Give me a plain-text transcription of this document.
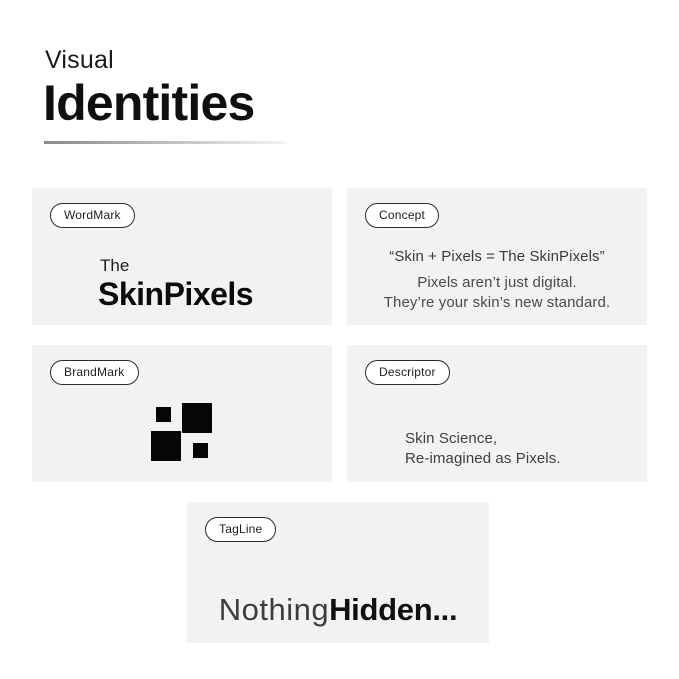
Visual
Identities
WordMark
The
SkinPixels
Concept
“Skin + Pixels = The SkinPixels”
Pixels aren’t just digital.
They’re your skin’s new standard.
BrandMark	Descriptor
Skin Science,
Re-imagined as Pixels.
TagLine
NothingHidden...
